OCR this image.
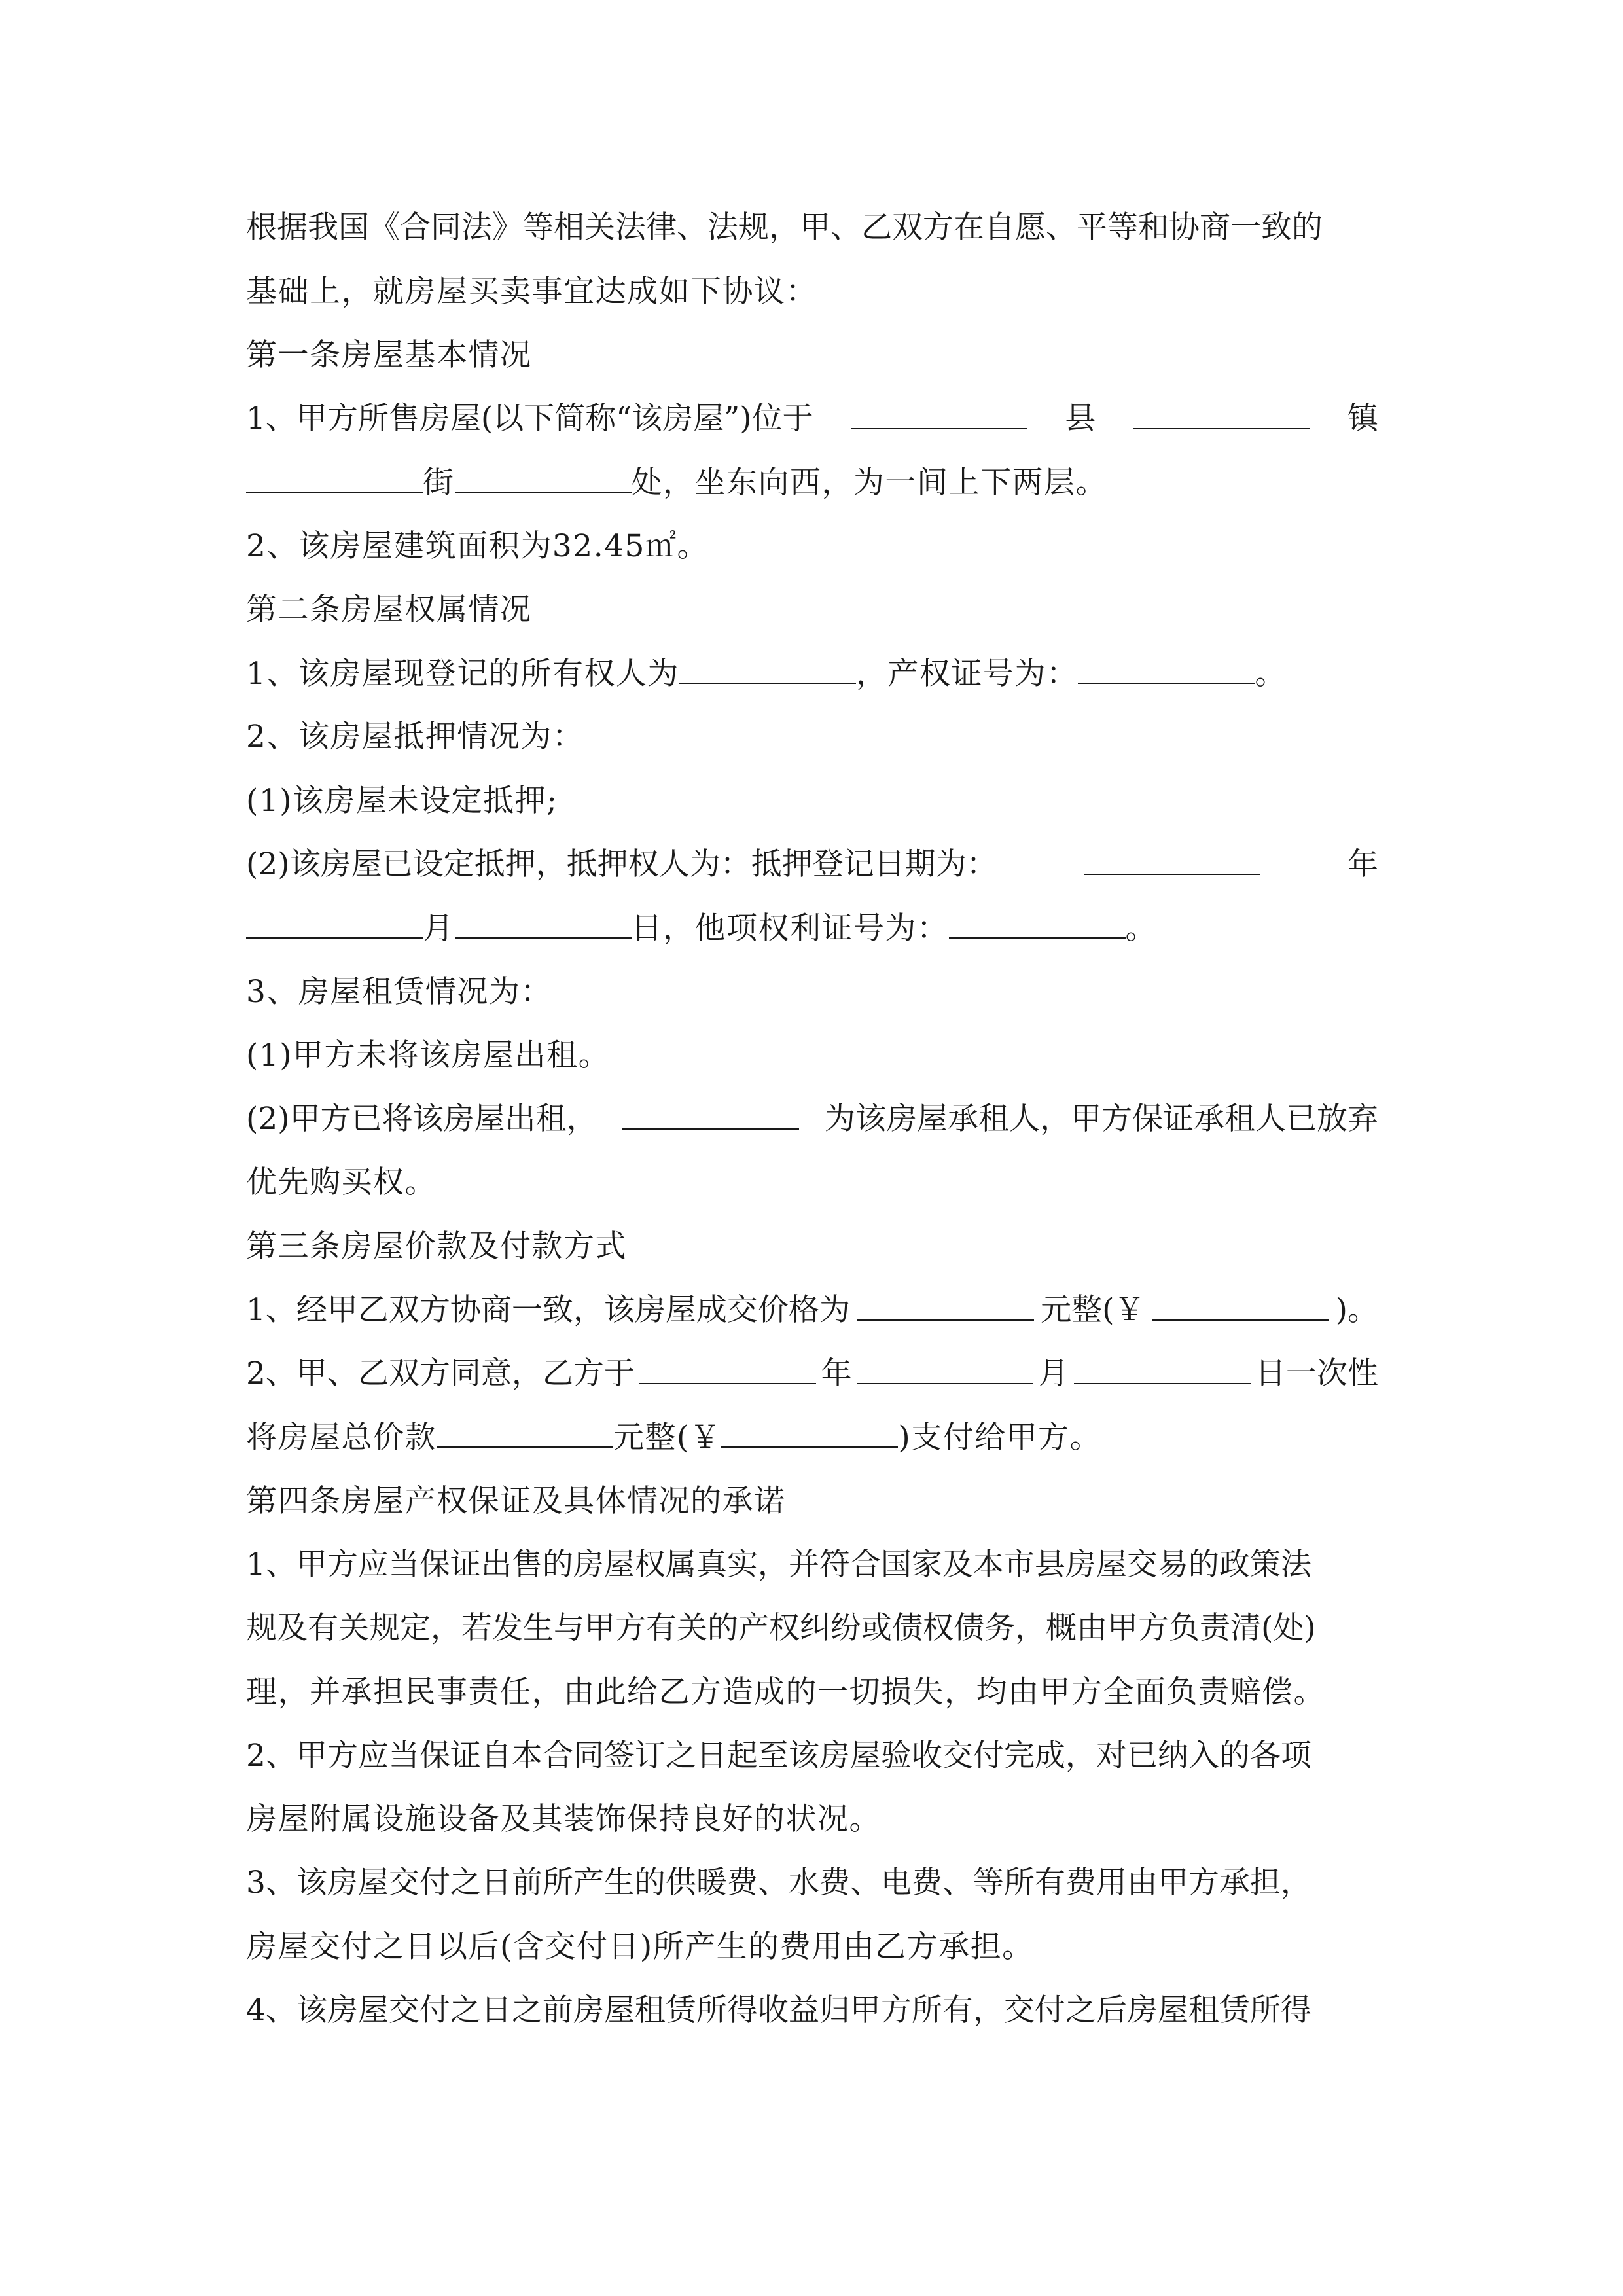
根据我国《合同法》等相关法律、法规，甲、乙双方在自愿、平等和协商一致的
基础上，就房屋买卖事宜达成如下协议：
第一条房屋基本情况
1、甲方所售房屋(以下简称“该房屋”)位于	县	镇
街	处，坐东向西，为一间上下两层。
2、该房屋建筑面积为32.45㎡。
第二条房屋权属情况
1、该房屋现登记的所有权人为	，产权证号为：	。
2、该房屋抵押情况为：
(1)该房屋未设定抵押;
(2)该房屋已设定抵押，抵押权人为：抵押登记日期为：	年
月	日，他项权利证号为：	。
3、房屋租赁情况为：
(1)甲方未将该房屋出租。
(2)甲方已将该房屋出租，	为该房屋承租人，甲方保证承租人已放弃
优先购买权。
第三条房屋价款及付款方式
1、经甲乙双方协商一致，该房屋成交价格为	元整(￥	)。
2、甲、乙双方同意，乙方于	年	月	日一次性
将房屋总价款	元整(￥	)支付给甲方。
第四条房屋产权保证及具体情况的承诺
1、甲方应当保证出售的房屋权属真实，并符合国家及本市县房屋交易的政策法
规及有关规定，若发生与甲方有关的产权纠纷或债权债务，概由甲方负责清(处)
理，并承担民事责任，由此给乙方造成的一切损失，均由甲方全面负责赔偿。
2、甲方应当保证自本合同签订之日起至该房屋验收交付完成，对已纳入的各项
房屋附属设施设备及其装饰保持良好的状况。
3、该房屋交付之日前所产生的供暖费、水费、电费、等所有费用由甲方承担，
房屋交付之日以后(含交付日)所产生的费用由乙方承担。
4、该房屋交付之日之前房屋租赁所得收益归甲方所有，交付之后房屋租赁所得
